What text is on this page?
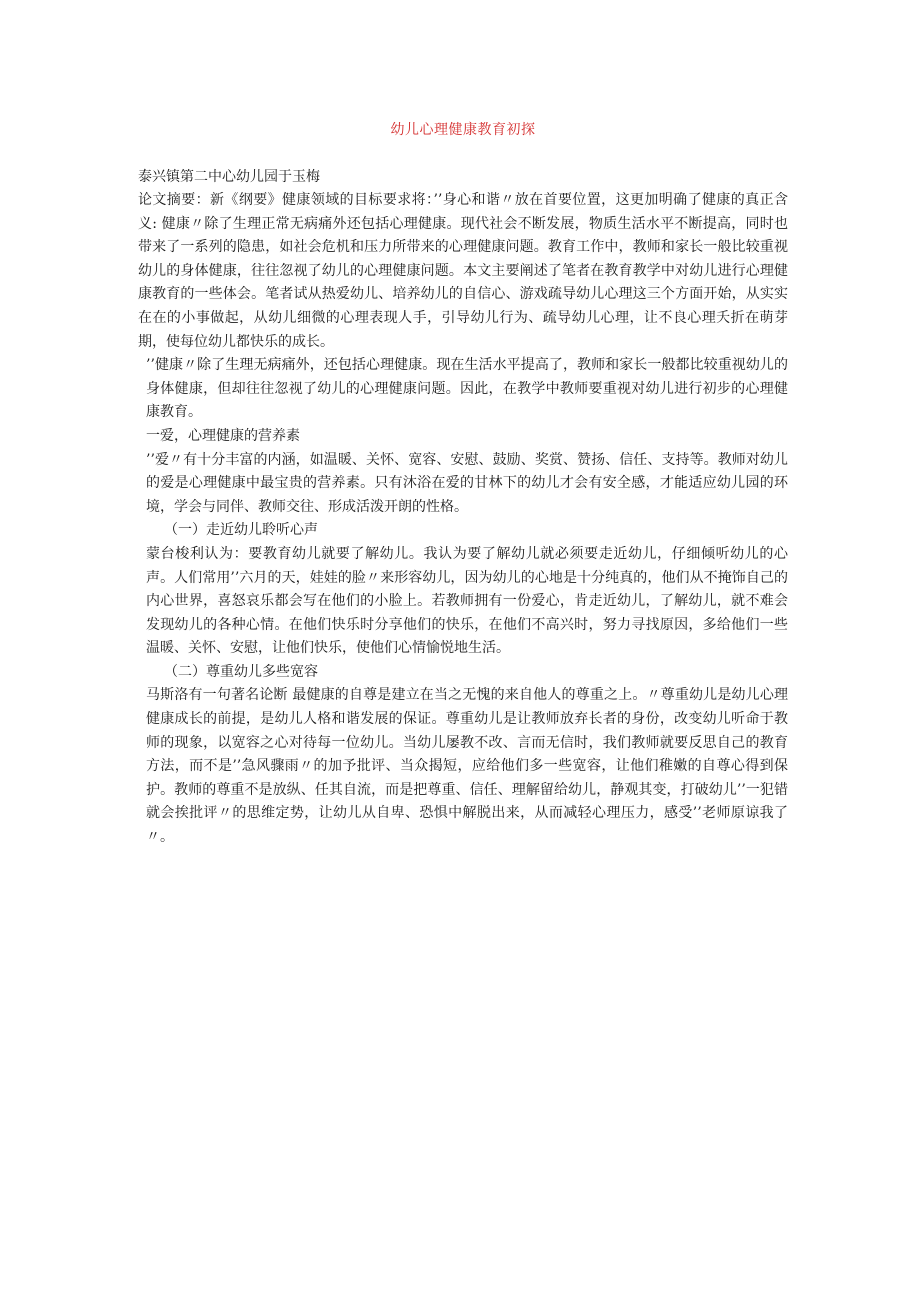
幼儿心理健康教育初探

泰兴镇第二中心幼儿园于玉梅

论文摘要：新《纲要》健康领域的目标要求将：’’身心和谐〃放在首要位置，这更加明确了健康的真正含义: 健康〃除了生理正常无病痛外还包括心理健康。现代社会不断发展，物质生活水平不断提高，同时也带来了一系列的隐患，如社会危机和压力所带来的心理健康问题。教育工作中，教师和家长一般比较重视幼儿的身体健康，往往忽视了幼儿的心理健康问题。本文主要阐述了笔者在教育教学中对幼儿进行心理健康教育的一些体会。笔者试从热爱幼儿、培养幼儿的自信心、游戏疏导幼儿心理这三个方面开始，从实实在在的小事做起，从幼儿细微的心理表现人手，引导幼儿行为、疏导幼儿心理，让不良心理夭折在萌芽期，使每位幼儿都快乐的成长。

’’健康〃除了生理无病痛外，还包括心理健康。现在生活水平提高了，教师和家长一般都比较重视幼儿的身体健康，但却往往忽视了幼儿的心理健康问题。因此，在教学中教师要重视对幼儿进行初步的心理健康教育。

一爱，心理健康的营养素

’’爱〃有十分丰富的内涵，如温暖、关怀、宽容、安慰、鼓励、奖赏、赞扬、信任、支持等。教师对幼儿的爱是心理健康中最宝贵的营养素。只有沐浴在爱的甘林下的幼儿才会有安全感，才能适应幼儿园的环境，学会与同伴、教师交往、形成活泼开朗的性格。

（一）走近幼儿聆听心声

蒙台梭利认为：要教育幼儿就要了解幼儿。我认为要了解幼儿就必须要走近幼儿，仔细倾听幼儿的心声。人们常用’’六月的天，娃娃的脸〃来形容幼儿，因为幼儿的心地是十分纯真的，他们从不掩饰自己的内心世界，喜怒哀乐都会写在他们的小脸上。若教师拥有一份爱心，肯走近幼儿，了解幼儿，就不难会发现幼儿的各种心情。在他们快乐时分享他们的快乐，在他们不高兴时，努力寻找原因，多给他们一些温暖、关怀、安慰，让他们快乐，使他们心情愉悦地生活。

（二）尊重幼儿多些宽容

马斯洛有一句著名论断 最健康的自尊是建立在当之无愧的来自他人的尊重之上。〃尊重幼儿是幼儿心理健康成长的前提，是幼儿人格和谐发展的保证。尊重幼儿是让教师放弃长者的身份，改变幼儿听命于教师的现象，以宽容之心对待每一位幼儿。当幼儿屡教不改、言而无信时，我们教师就要反思自己的教育方法，而不是’’急风骤雨〃的加予批评、当众揭短，应给他们多一些宽容，让他们稚嫩的自尊心得到保护。教师的尊重不是放纵、任其自流，而是把尊重、信任、理解留给幼儿，静观其变，打破幼儿’’一犯错就会挨批评〃的思维定势，让幼儿从自卑、恐惧中解脱出来，从而减轻心理压力，感受’’老师原谅我了〃。
